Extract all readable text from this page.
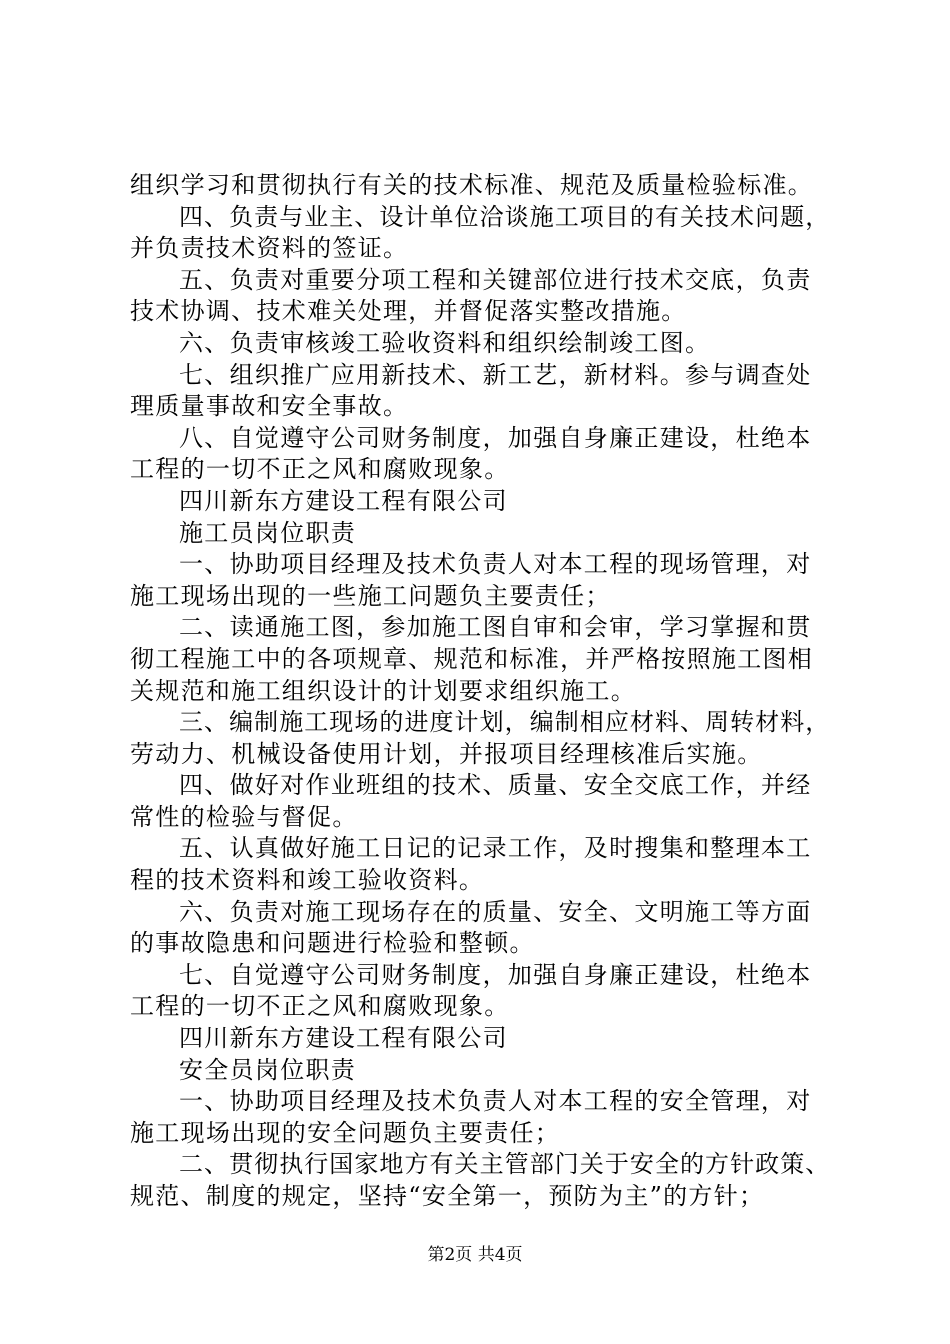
组织学习和贯彻执行有关的技术标准、规范及质量检验标准。
四、负责与业主、设计单位洽谈施工项目的有关技术问题，
并负责技术资料的签证。
五、负责对重要分项工程和关键部位进行技术交底，负责
技术协调、技术难关处理，并督促落实整改措施。
六、负责审核竣工验收资料和组织绘制竣工图。
七、组织推广应用新技术、新工艺，新材料。参与调查处
理质量事故和安全事故。
八、自觉遵守公司财务制度，加强自身廉正建设，杜绝本
工程的一切不正之风和腐败现象。
四川新东方建设工程有限公司
施工员岗位职责
一、协助项目经理及技术负责人对本工程的现场管理，对
施工现场出现的一些施工问题负主要责任；
二、读通施工图，参加施工图自审和会审，学习掌握和贯
彻工程施工中的各项规章、规范和标准，并严格按照施工图相
关规范和施工组织设计的计划要求组织施工。
三、编制施工现场的进度计划，编制相应材料、周转材料，
劳动力、机械设备使用计划，并报项目经理核准后实施。
四、做好对作业班组的技术、质量、安全交底工作，并经
常性的检验与督促。
五、认真做好施工日记的记录工作，及时搜集和整理本工
程的技术资料和竣工验收资料。
六、负责对施工现场存在的质量、安全、文明施工等方面
的事故隐患和问题进行检验和整顿。
七、自觉遵守公司财务制度，加强自身廉正建设，杜绝本
工程的一切不正之风和腐败现象。
四川新东方建设工程有限公司
安全员岗位职责
一、协助项目经理及技术负责人对本工程的安全管理，对
施工现场出现的安全问题负主要责任；
二、贯彻执行国家地方有关主管部门关于安全的方针政策、
规范、制度的规定，坚持“安全第一，预防为主”的方针；
第2页 共4页
